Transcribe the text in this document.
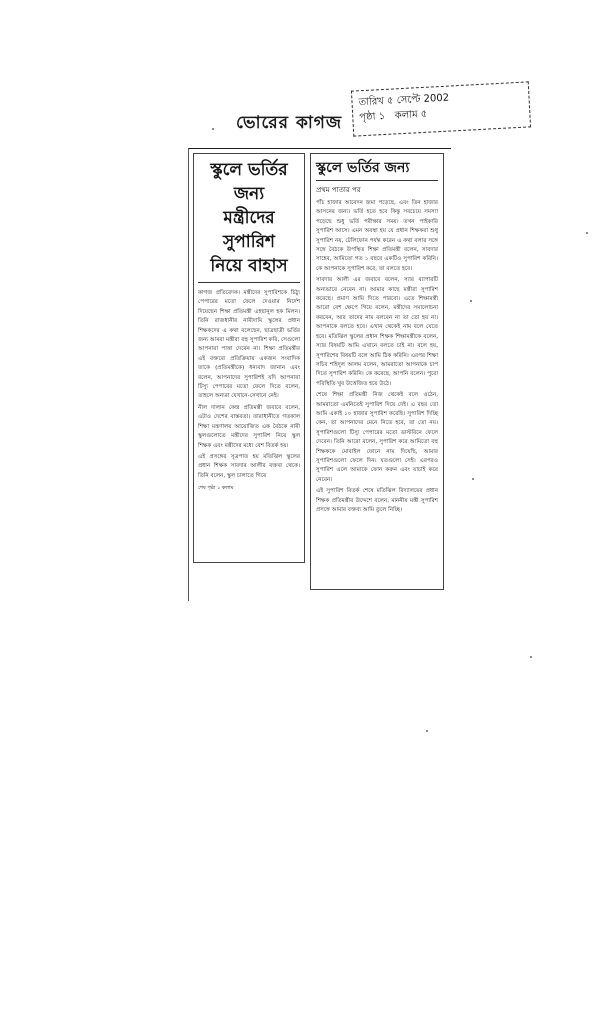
ভোরের কাগজ
তারিখ ৫ সেপ্টে 2002
পৃষ্ঠা ১ কলাম ৫
স্কুলে ভর্তির জন্য
মন্ত্রীদের সুপারিশ
নিয়ে বাহাস

কাগজ প্রতিবেদক। মন্ত্রীদের সুপারিশকে চিঠ্যু পেপারের মতো ফেলে দেওয়ার নির্দেশ দিয়েছেন শিক্ষা প্রতিমন্ত্রী এহছানুল হক মিলন। তিনি রাজধানীর নামীদামি স্কুলের প্রধান শিক্ষকদের এ কথা বলেছেন, ছাত্রছাত্রী ভর্তির জন্য আমরা মন্ত্রীরা বহু সুপারিশ করি, সেগুলো আপনারা পাত্তা দেবেন না। শিক্ষা প্রতিমন্ত্রীর এই বক্তব্যে প্রতিক্রিয়ায় একজন সংবাদিক তাকে (প্রতিমন্ত্রীকে) ধন্যবাদ জানান এবং বলেন, আপনাদের সুপারিশই যদি আপনারা টিস্যু পেপারের মতো ফেলে দিতে বলেন, তাহলে অন্যরা যেখানে-সেখানে নেই।

নীল দালান কেন্দ্র প্রতিমন্ত্রী জবাবে বলেন, এটাও দেশের বাস্তবতা। তারাধানীতে গতকাল শিক্ষা মন্ত্রণালয় আয়োজিত এক বৈঠকে নামী স্কুলগুলোতে মন্ত্রীদের সুপারিশ নিয়ে স্কুল শিক্ষক এবং মন্ত্রীদের মধ্যে বেশ বিতর্ক হয়।

এই প্রসঙ্গের সূত্রপাত হয় মতিঝিল স্কুলের প্রধান শিক্ষক সাবদার আলীর বক্তব্য থেকে। তিনি বলেন, স্কুল চালাতে গিয়ে

শেষ পৃষ্ঠা ১ কলাম
স্কুলে ভর্তির জন্য
প্রথম পাতার পর

পাঁচ হাজার আবেদন জমা পড়েছে, এবং তিন হাজার আসনের জন্য। ভর্তি হতে হবে কিন্তু সবচেয়ে সমস্যা পড়েছে শুধু ভর্তি পরীক্ষার সময়। তখন পাইকারি সুপারিশ আসে। এমন অবস্থা হয় যে প্রধান শিক্ষকরা শুধু সুপারিশ নয়, টেলিফোন পর্যন্ত করেন এ কথা বলার সঙ্গে সঙ্গে বৈঠকে উপস্থিত শিক্ষা প্রতিমন্ত্রী বলেন, সাবদার সাহেব, আমিতো গত ১ বছরে একটিও সুপারিশ করিনি। কে আপনাকে সুপারিশ করে, তা বলতে হবে।

সাবদার আলী এর জবাবে বলেন, স্যার ব্যাপারটি অন্যভাবে নেবেন না। আমার কাছে মন্ত্রীরা সুপারিশ করেছে। প্রমাণ আমি দিতে পারবো। এতে শিক্ষামন্ত্রী আরো বেশ ক্ষেপে গিয়ে বলেন, মন্ত্রীদের সমালোচনা করবেন, আর তাদের নাম বলবেন না তা তো হয় না। আপনাকে বলতে হবে। এখান থেকেই নাম বলে যেতে হবে। মতিঝিল স্কুলের প্রধান শিক্ষক শিক্ষামন্ত্রীকে বলেন, স্যার বিষয়টি আমি এখানে বলতে চাই না। বলে হয়, সুপারিশের বিষয়টি বলে আমি ঠিক করিনি। এরপর শিক্ষা সচিব শহিদুল আলম বলেন, আমরাতো আপনাকে চাপ দিতে সুপারিশ করিনি। কে করেছে, আপনি বলেন। পুরো পরিস্থিতি খুব উত্তেজিত হয়ে উঠে।

শেষে শিক্ষা প্রতিমন্ত্রী নিজ থেকেই বলে ওঠেন, আমরাতো এমনিতেই সুপারিশ দিয়ে দেই। এ বছর তো আমি একাই ১০ হাজার সুপারিশ করেছি। সুপারিশ দিচ্ছি কেন, তা আপনাদের মেনে নিতে হবে, তা তো নয়। সুপারিশগুলো টিস্যু পেপারের মতো ডাস্টবিনে ফেলে দেবেন। তিনি আরো বলেন, সুপারিশ করে আমিতো বহু শিক্ষককে মোবাইল ফোনে নাম দিয়েছি, আমার সুপারিশগুলো ফেলে দিন। যতগুলো সেই। এরপরও সুপারিশ এলে আমাকে ফোন করুন এবং যাচাই করে নেবেন।

এই সুপারিশ বিতর্ক শেষে মতিঝিল বিদ্যালয়ের প্রধান শিক্ষক প্রতিমন্ত্রীর উদ্দেশে বলেন, মাননীয় মন্ত্রী সুপারিশ প্রসঙ্গে আমার বক্তব্য আমি তুলে নিচ্ছি।
